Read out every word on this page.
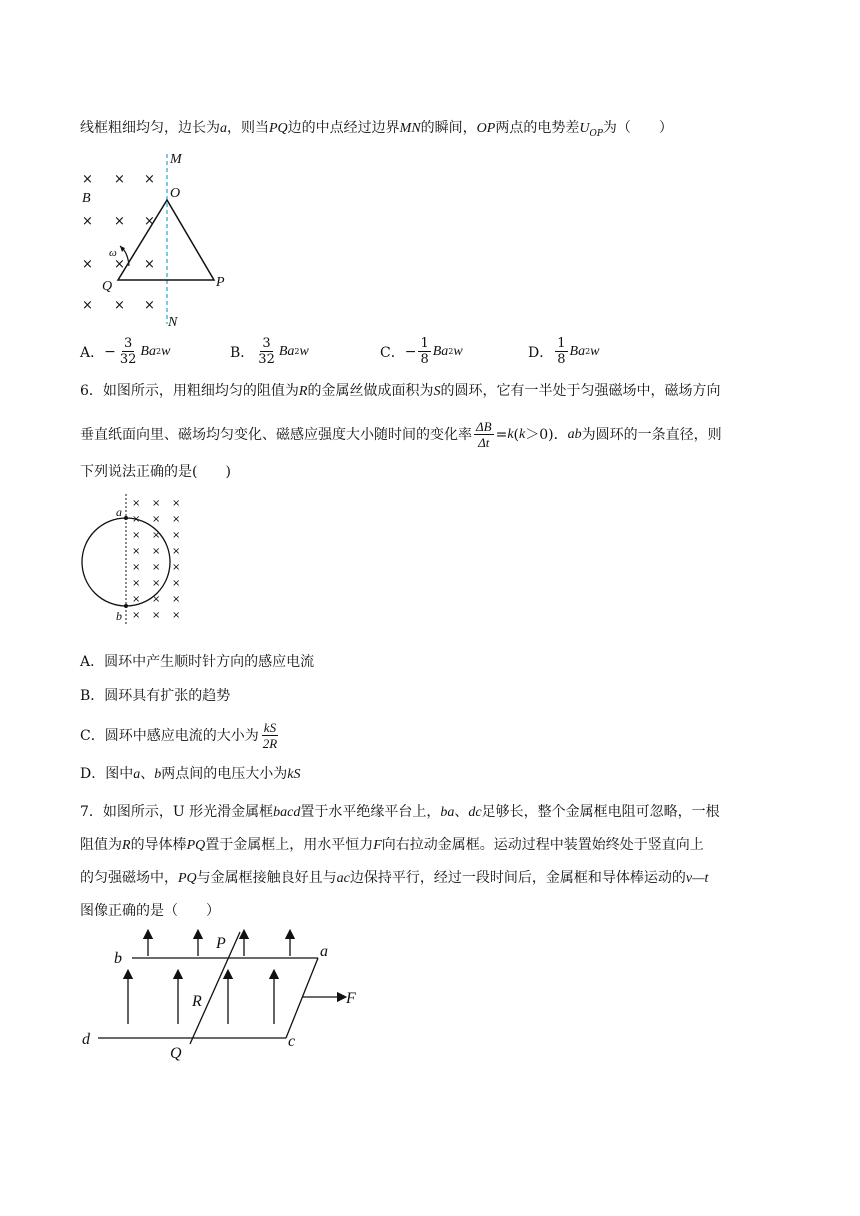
线框粗细均匀，边长为a，则当PQ边的中点经过边界MN的瞬间，OP两点的电势差$U_{OP}$为（　　）
M
O
B
P
Q
N
ω
× × ×
× × ×
× × ×
× × ×
A． − $\frac{3}{32}$ Ba 2 w	B． $\frac{3}{32}$ Ba 2 w	C． − $\frac{1}{8}$ Ba 2 w	D． $\frac{1}{8}$ Ba 2 w
6．如图所示，用粗细均匀的阻值为R的金属丝做成面积为S的圆环，它有一半处于匀强磁场中，磁场方向
垂直纸面向里、磁场均匀变化、磁感应强度大小随时间的变化率 $\frac{\Delta B}{\Delta t} = k$ ( k ＞0)． ab 为圆环的一条直径，则
下列说法正确的是(　　)
a
b
× × ×
× × ×
× × ×
× × ×
× × ×
× × ×
× × ×
× × ×
A．圆环中产生顺时针方向的感应电流
B．圆环具有扩张的趋势
C．圆环中感应电流的大小为 $\frac{kS}{2R}$
D．图中a、b两点间的电压大小为kS
7．如图所示，U 形光滑金属框bacd置于水平绝缘平台上，ba、dc足够长，整个金属框电阻可忽略，一根
阻值为R的导体棒PQ置于金属框上，用水平恒力F向右拉动金属框。运动过程中装置始终处于竖直向上
的匀强磁场中，PQ与金属框接触良好且与ac边保持平行，经过一段时间后，金属框和导体棒运动的v—t
图像正确的是（　　）
b	a
d	c
P
Q
R	F
